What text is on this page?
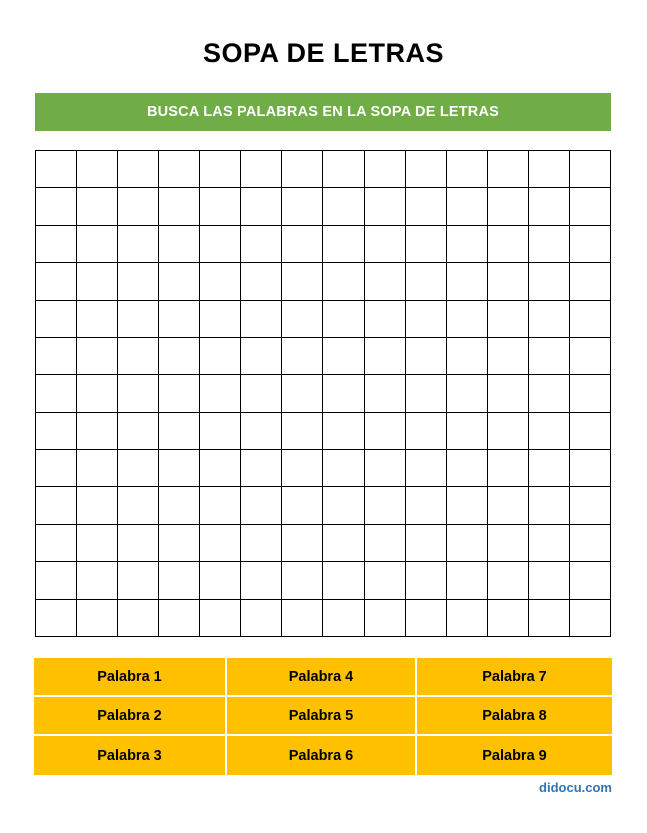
SOPA DE LETRAS
BUSCA LAS PALABRAS EN LA SOPA DE LETRAS

Palabra 1
Palabra 2
Palabra 3
Palabra 4
Palabra 5
Palabra 6
Palabra 7
Palabra 8
Palabra 9
didocu.com
